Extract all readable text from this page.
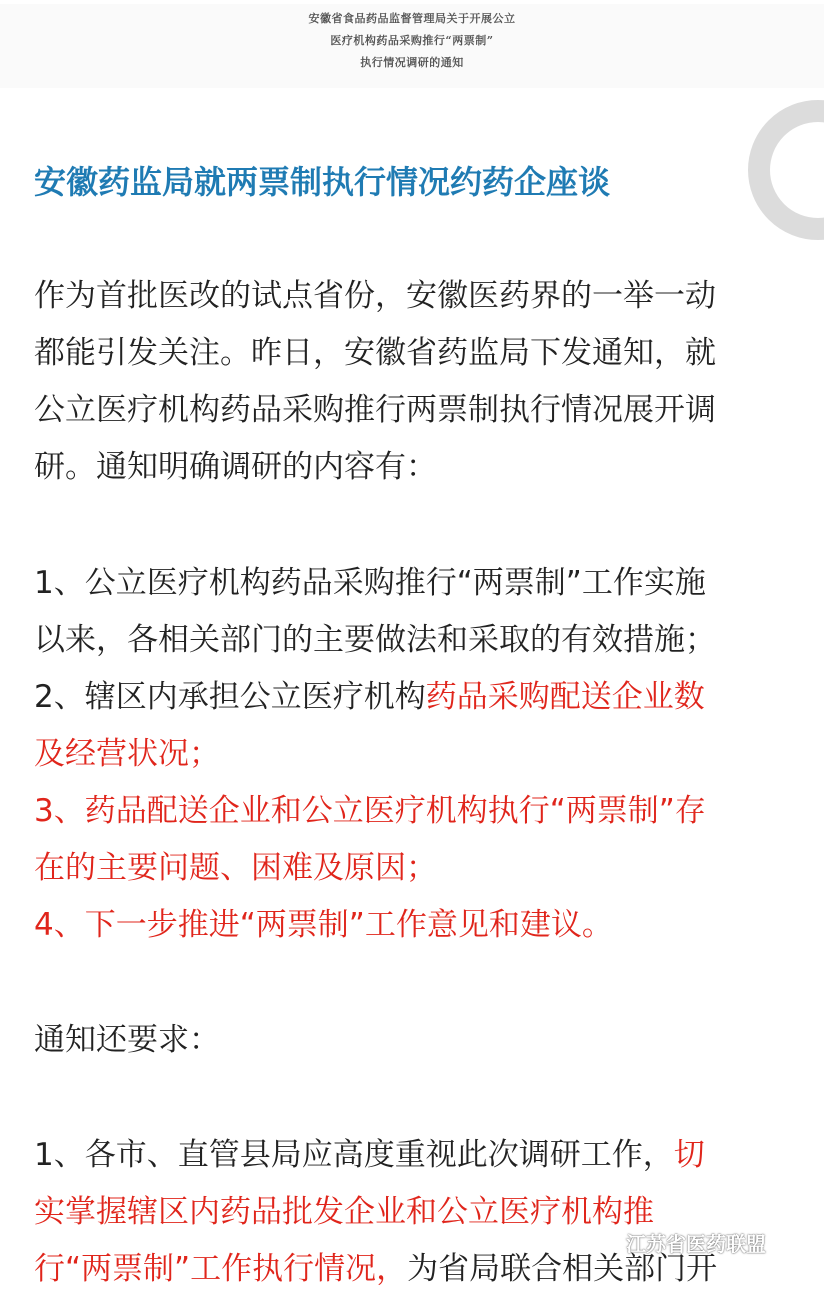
安徽省食品药品监督管理局关于开展公立
医疗机构药品采购推行“两票制”
执行情况调研的通知
安徽药监局就两票制执行情况约药企座谈
作为首批医改的试点省份，安徽医药界的一举一动
都能引发关注。昨日，安徽省药监局下发通知，就
公立医疗机构药品采购推行两票制执行情况展开调
研。通知明确调研的内容有：
1、公立医疗机构药品采购推行“两票制”工作实施
以来，各相关部门的主要做法和采取的有效措施；
2、辖区内承担公立医疗机构药品采购配送企业数
及经营状况；
3、药品配送企业和公立医疗机构执行“两票制”存
在的主要问题、困难及原因；
4、下一步推进“两票制”工作意见和建议。
通知还要求：
1、各市、直管县局应高度重视此次调研工作，切
实掌握辖区内药品批发企业和公立医疗机构推
行“两票制”工作执行情况，为省局联合相关部门开
江苏省医药联盟
